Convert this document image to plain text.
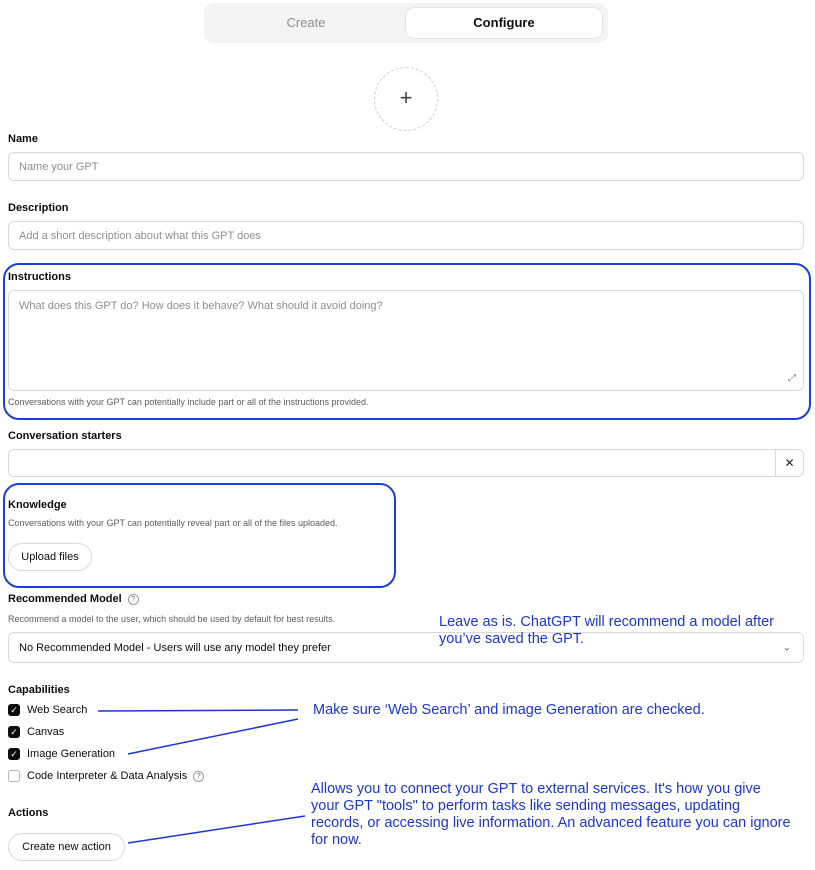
Create	Configure
+
Name
Name your GPT
Description
Add a short description about what this GPT does
Instructions
What does this GPT do? How does it behave? What should it avoid doing?
⤢
Conversations with your GPT can potentially include part or all of the instructions provided.
Conversation starters
✕
Knowledge
Conversations with your GPT can potentially reveal part or all of the files uploaded.
Upload files
Recommended Model ?
Recommend a model to the user, which should be used by default for best results.
No Recommended Model - Users will use any model they prefer	⌄
Capabilities
✓ Web Search
✓ Canvas
✓ Image Generation
Code Interpreter & Data Analysis	?
Actions
Create new action
Leave as is. ChatGPT will recommend a model after you’ve saved the GPT.
Make sure ‘Web Search’ and image Generation are checked.
Allows you to connect your GPT to external services. It's how you give your GPT "tools" to perform tasks like sending messages, updating records, or accessing live information. An advanced feature you can ignore for now.
